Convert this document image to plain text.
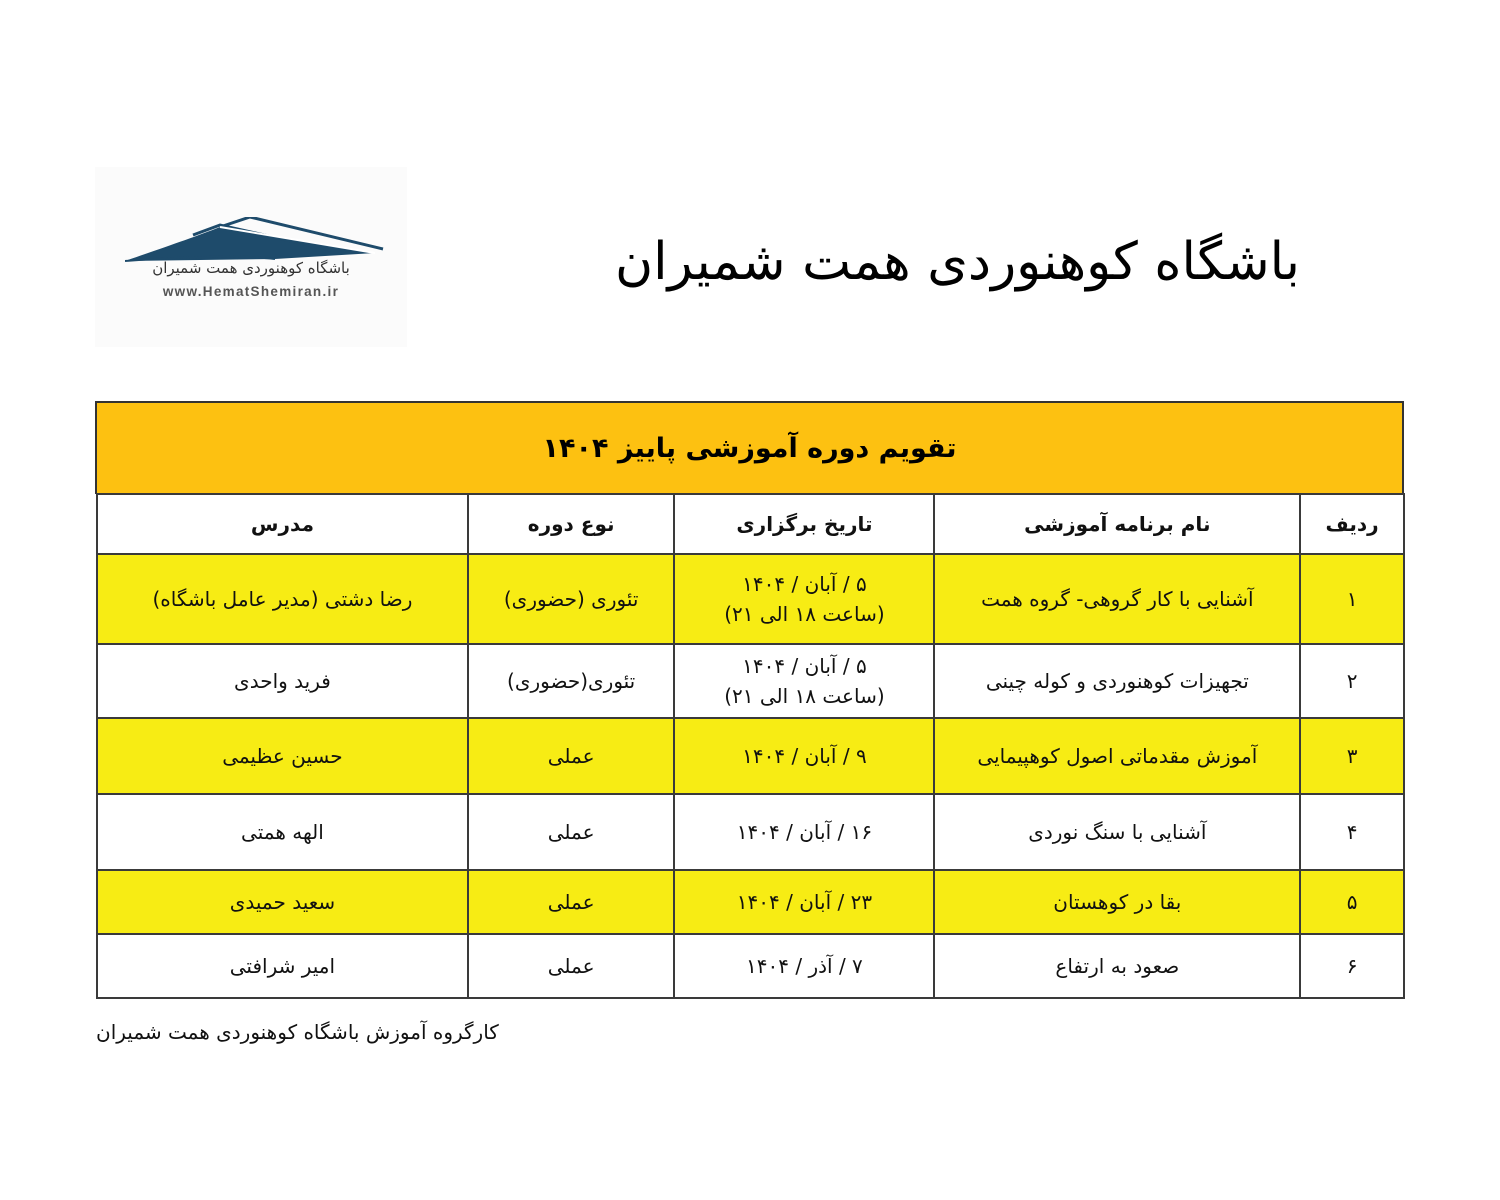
باشگاه کوهنوردی همت شمیران
www.HematShemiran.ir	باشگاه کوهنوردی همت شمیران
تقویم دوره آموزشی پاییز ۱۴۰۴
ردیف	نام برنامه آموزشی	تاریخ برگزاری	نوع دوره	مدرس
۱	آشنایی با کار گروهی- گروه همت	۵ / آبان / ۱۴۰۴
(ساعت ۱۸ الی ۲۱)	تئوری (حضوری)	رضا دشتی (مدیر عامل باشگاه)
۲	تجهیزات کوهنوردی و کوله چینی	۵ / آبان / ۱۴۰۴
(ساعت ۱۸ الی ۲۱)	تئوری(حضوری)	فرید واحدی
۳	آموزش مقدماتی اصول کوهپیمایی	۹ / آبان / ۱۴۰۴	عملی	حسین عظیمی
۴	آشنایی با سنگ نوردی	۱۶ / آبان / ۱۴۰۴	عملی	الهه همتی
۵	بقا در کوهستان	۲۳ / آبان / ۱۴۰۴	عملی	سعید حمیدی
۶	صعود به ارتفاع	۷ / آذر / ۱۴۰۴	عملی	امیر شرافتی
کارگروه آموزش باشگاه کوهنوردی همت شمیران
